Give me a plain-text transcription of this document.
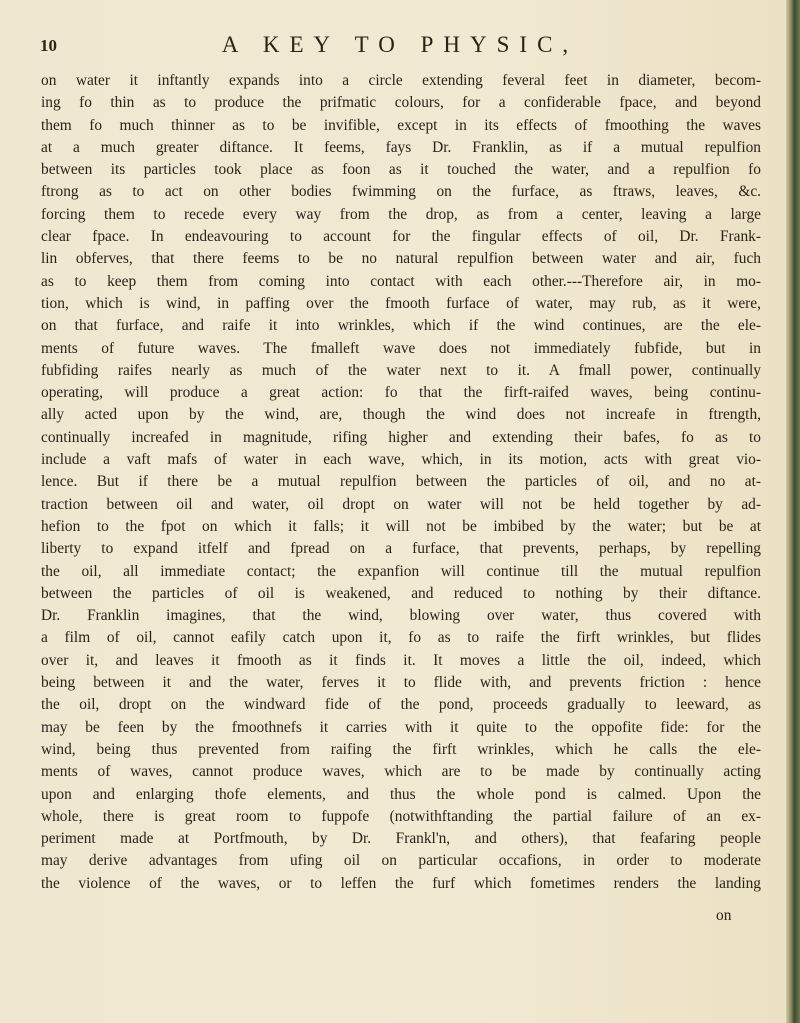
10	A KEY TO PHYSIC,
on water it inftantly expands into a circle extending feveral feet in diameter, becom-
ing fo thin as to produce the prifmatic colours, for a confiderable fpace, and beyond
them fo much thinner as to be invifible, except in its effects of fmoothing the waves
at a much greater diftance. It feems, fays Dr. Franklin, as if a mutual repulfion
between its particles took place as foon as it touched the water, and a repulfion fo
ftrong as to act on other bodies fwimming on the furface, as ftraws, leaves, &c.
forcing them to recede every way from the drop, as from a center, leaving a large
clear fpace. In endeavouring to account for the fingular effects of oil, Dr. Frank-
lin obferves, that there feems to be no natural repulfion between water and air, fuch
as to keep them from coming into contact with each other.---Therefore air, in mo-
tion, which is wind, in paffing over the fmooth furface of water, may rub, as it were,
on that furface, and raife it into wrinkles, which if the wind continues, are the ele-
ments of future waves. The fmalleft wave does not immediately fubfide, but in
fubfiding raifes nearly as much of the water next to it. A fmall power, continually
operating, will produce a great action: fo that the firft-raifed waves, being continu-
ally acted upon by the wind, are, though the wind does not increafe in ftrength,
continually increafed in magnitude, rifing higher and extending their bafes, fo as to
include a vaft mafs of water in each wave, which, in its motion, acts with great vio-
lence. But if there be a mutual repulfion between the particles of oil, and no at-
traction between oil and water, oil dropt on water will not be held together by ad-
hefion to the fpot on which it falls; it will not be imbibed by the water; but be at
liberty to expand itfelf and fpread on a furface, that prevents, perhaps, by repelling
the oil, all immediate contact; the expanfion will continue till the mutual repulfion
between the particles of oil is weakened, and reduced to nothing by their diftance.
Dr. Franklin imagines, that the wind, blowing over water, thus covered with
a film of oil, cannot eafily catch upon it, fo as to raife the firft wrinkles, but flides
over it, and leaves it fmooth as it finds it. It moves a little the oil, indeed, which
being between it and the water, ferves it to flide with, and prevents friction : hence
the oil, dropt on the windward fide of the pond, proceeds gradually to leeward, as
may be feen by the fmoothnefs it carries with it quite to the oppofite fide: for the
wind, being thus prevented from raifing the firft wrinkles, which he calls the ele-
ments of waves, cannot produce waves, which are to be made by continually acting
upon and enlarging thofe elements, and thus the whole pond is calmed. Upon the
whole, there is great room to fuppofe (notwithftanding the partial failure of an ex-
periment made at Portfmouth, by Dr. Frankl'n, and others), that feafaring people
may derive advantages from ufing oil on particular occafions, in order to moderate
the violence of the waves, or to leffen the furf which fometimes renders the landing
on
